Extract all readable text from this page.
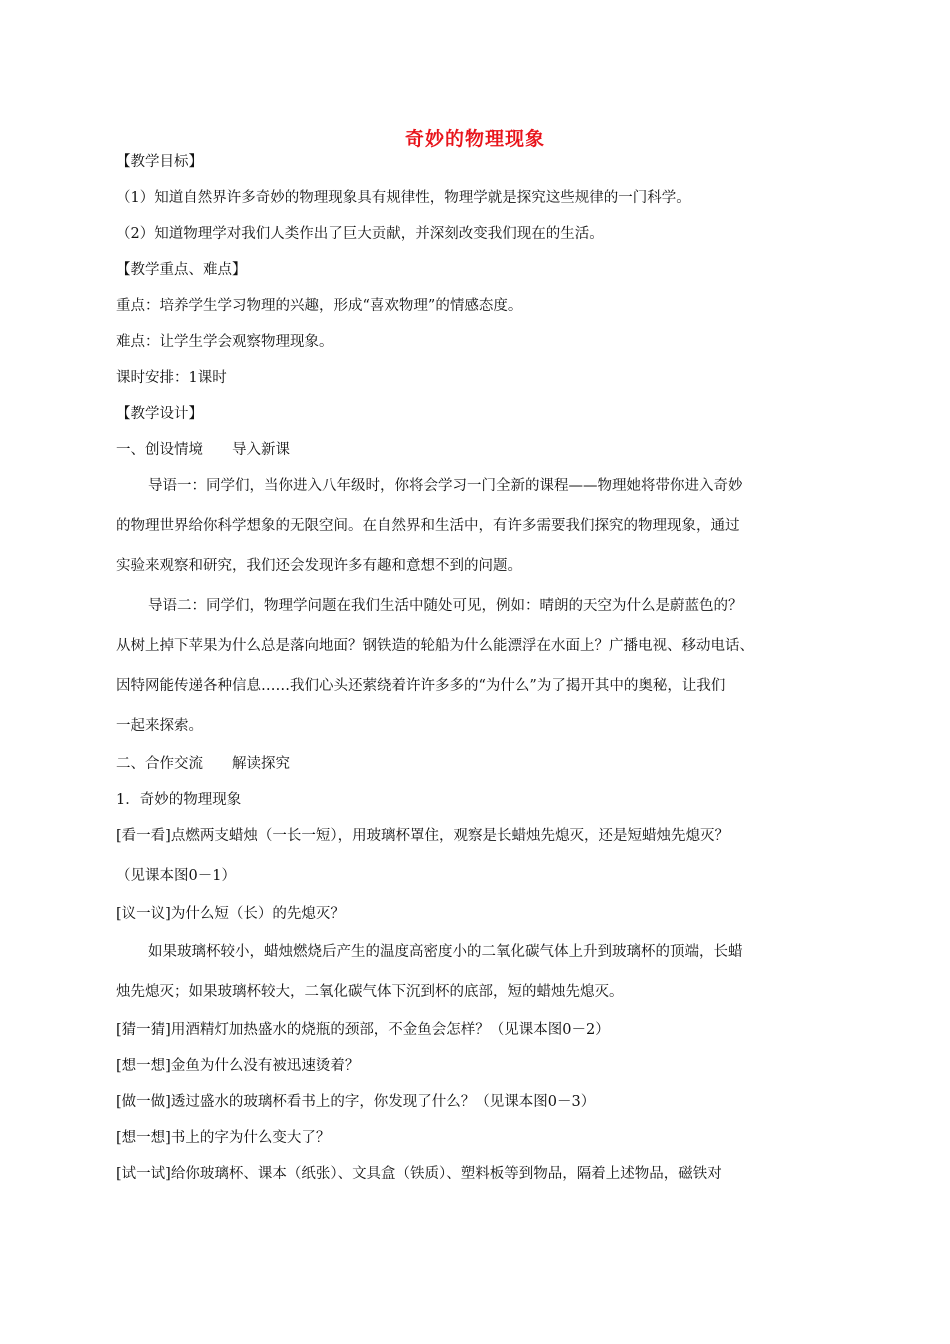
奇妙的物理现象
【教学目标】
（1）知道自然界许多奇妙的物理现象具有规律性，物理学就是探究这些规律的一门科学。
（2）知道物理学对我们人类作出了巨大贡献，并深刻改变我们现在的生活。
【教学重点、难点】
重点：培养学生学习物理的兴趣，形成“喜欢物理”的情感态度。
难点：让学生学会观察物理现象。
课时安排：1课时
【教学设计】
一、创设情境　　导入新课
导语一：同学们，当你进入八年级时，你将会学习一门全新的课程——物理她将带你进入奇妙
的物理世界给你科学想象的无限空间。在自然界和生活中，有许多需要我们探究的物理现象，通过
实验来观察和研究，我们还会发现许多有趣和意想不到的问题。
导语二：同学们，物理学问题在我们生活中随处可见，例如：晴朗的天空为什么是蔚蓝色的？
从树上掉下苹果为什么总是落向地面？钢铁造的轮船为什么能漂浮在水面上？广播电视、移动电话、
因特网能传递各种信息……我们心头还萦绕着许许多多的“为什么”为了揭开其中的奥秘，让我们
一起来探索。
二、合作交流　　解读探究
1．奇妙的物理现象
[看一看]点燃两支蜡烛（一长一短），用玻璃杯罩住，观察是长蜡烛先熄灭，还是短蜡烛先熄灭？
（见课本图0－1）
[议一议]为什么短（长）的先熄灭？
如果玻璃杯较小，蜡烛燃烧后产生的温度高密度小的二氧化碳气体上升到玻璃杯的顶端，长蜡
烛先熄灭；如果玻璃杯较大，二氧化碳气体下沉到杯的底部，短的蜡烛先熄灭。
[猜一猜]用酒精灯加热盛水的烧瓶的颈部，不金鱼会怎样？（见课本图0－2）
[想一想]金鱼为什么没有被迅速烫着？
[做一做]透过盛水的玻璃杯看书上的字，你发现了什么？（见课本图0－3）
[想一想]书上的字为什么变大了？
[试一试]给你玻璃杯、课本（纸张）、文具盒（铁质）、塑料板等到物品，隔着上述物品，磁铁对
